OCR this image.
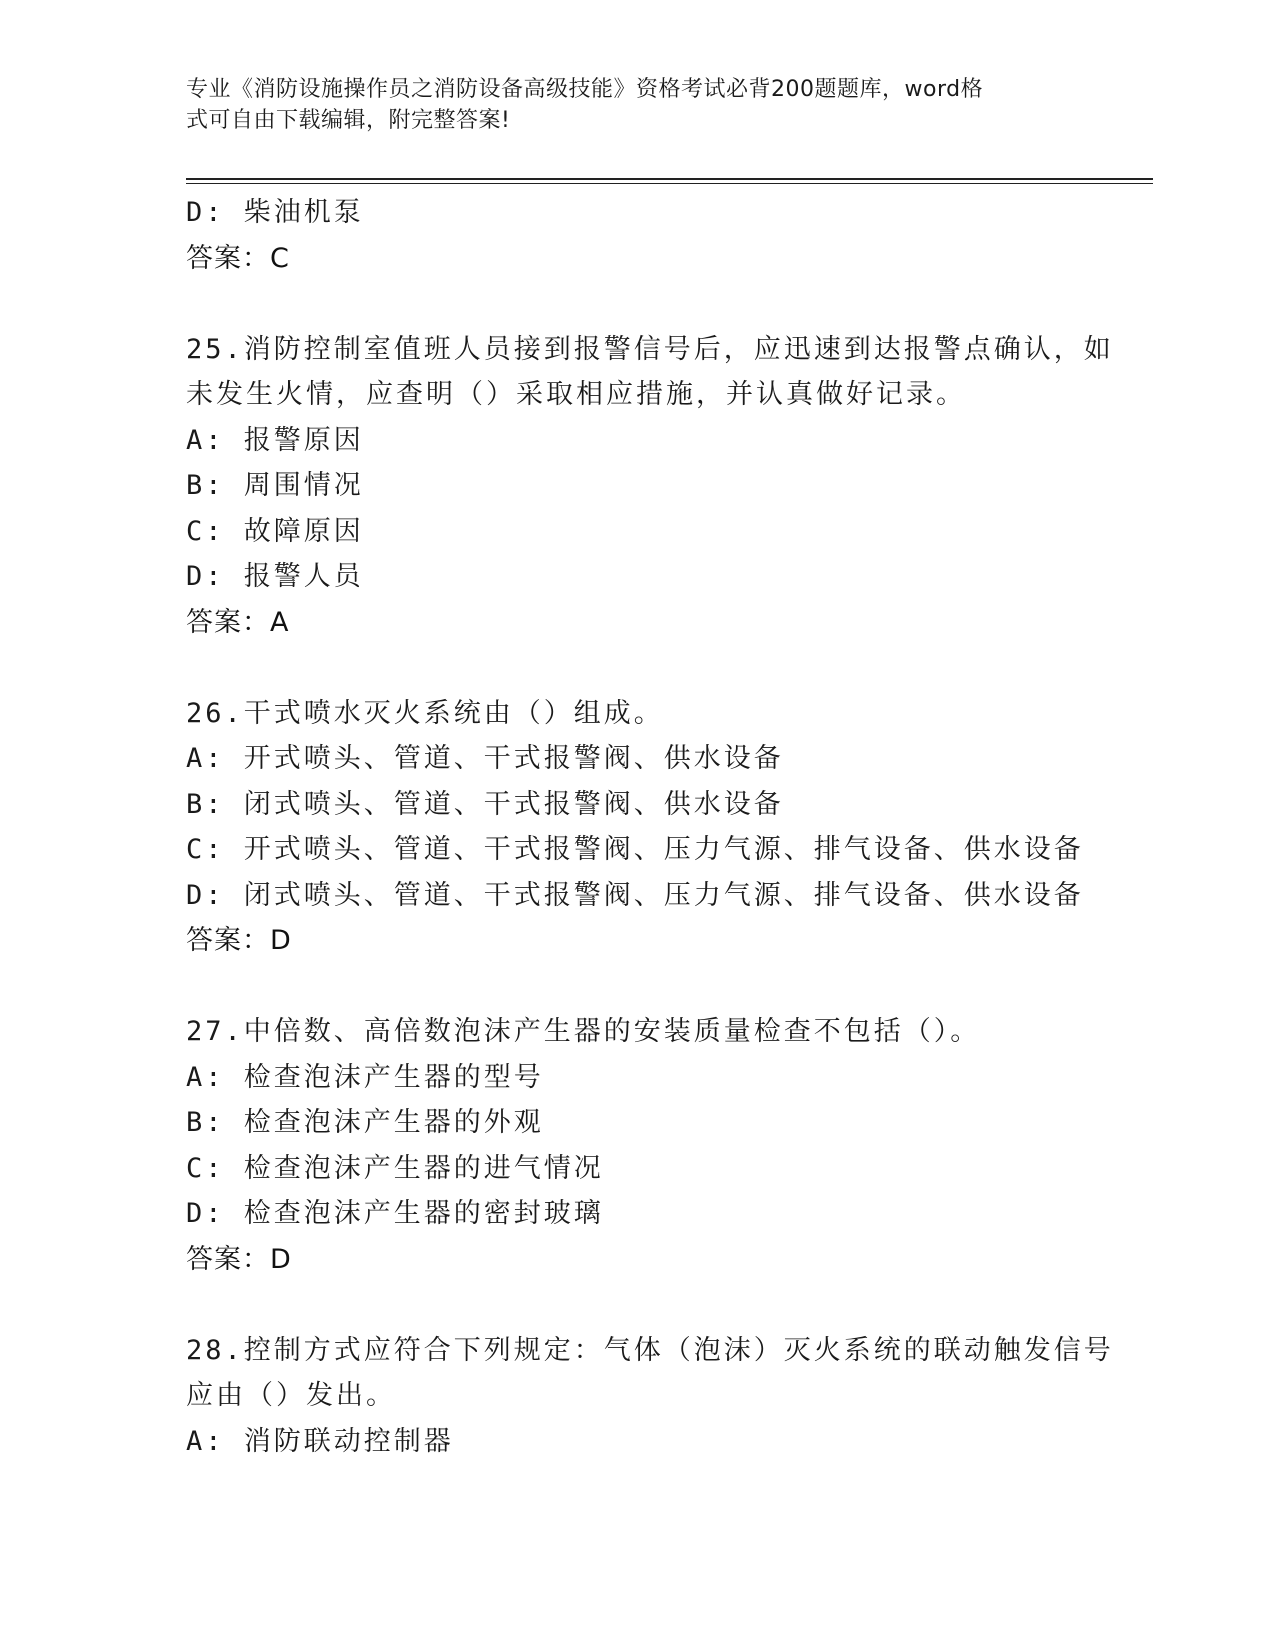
专业《消防设施操作员之消防设备高级技能》资格考试必背200题题库，word格
式可自由下载编辑，附完整答案!
D: 柴油机泵
答案：C
25.消防控制室值班人员接到报警信号后，应迅速到达报警点确认，如
未发生火情，应查明（）采取相应措施，并认真做好记录。
A: 报警原因
B: 周围情况
C: 故障原因
D: 报警人员
答案：A
26.干式喷水灭火系统由（）组成。
A: 开式喷头、管道、干式报警阀、供水设备
B: 闭式喷头、管道、干式报警阀、供水设备
C: 开式喷头、管道、干式报警阀、压力气源、排气设备、供水设备
D: 闭式喷头、管道、干式报警阀、压力气源、排气设备、供水设备
答案：D
27.中倍数、高倍数泡沫产生器的安装质量检查不包括（）。
A: 检查泡沫产生器的型号
B: 检查泡沫产生器的外观
C: 检查泡沫产生器的进气情况
D: 检查泡沫产生器的密封玻璃
答案：D
28.控制方式应符合下列规定：气体（泡沫）灭火系统的联动触发信号
应由（）发出。
A: 消防联动控制器
